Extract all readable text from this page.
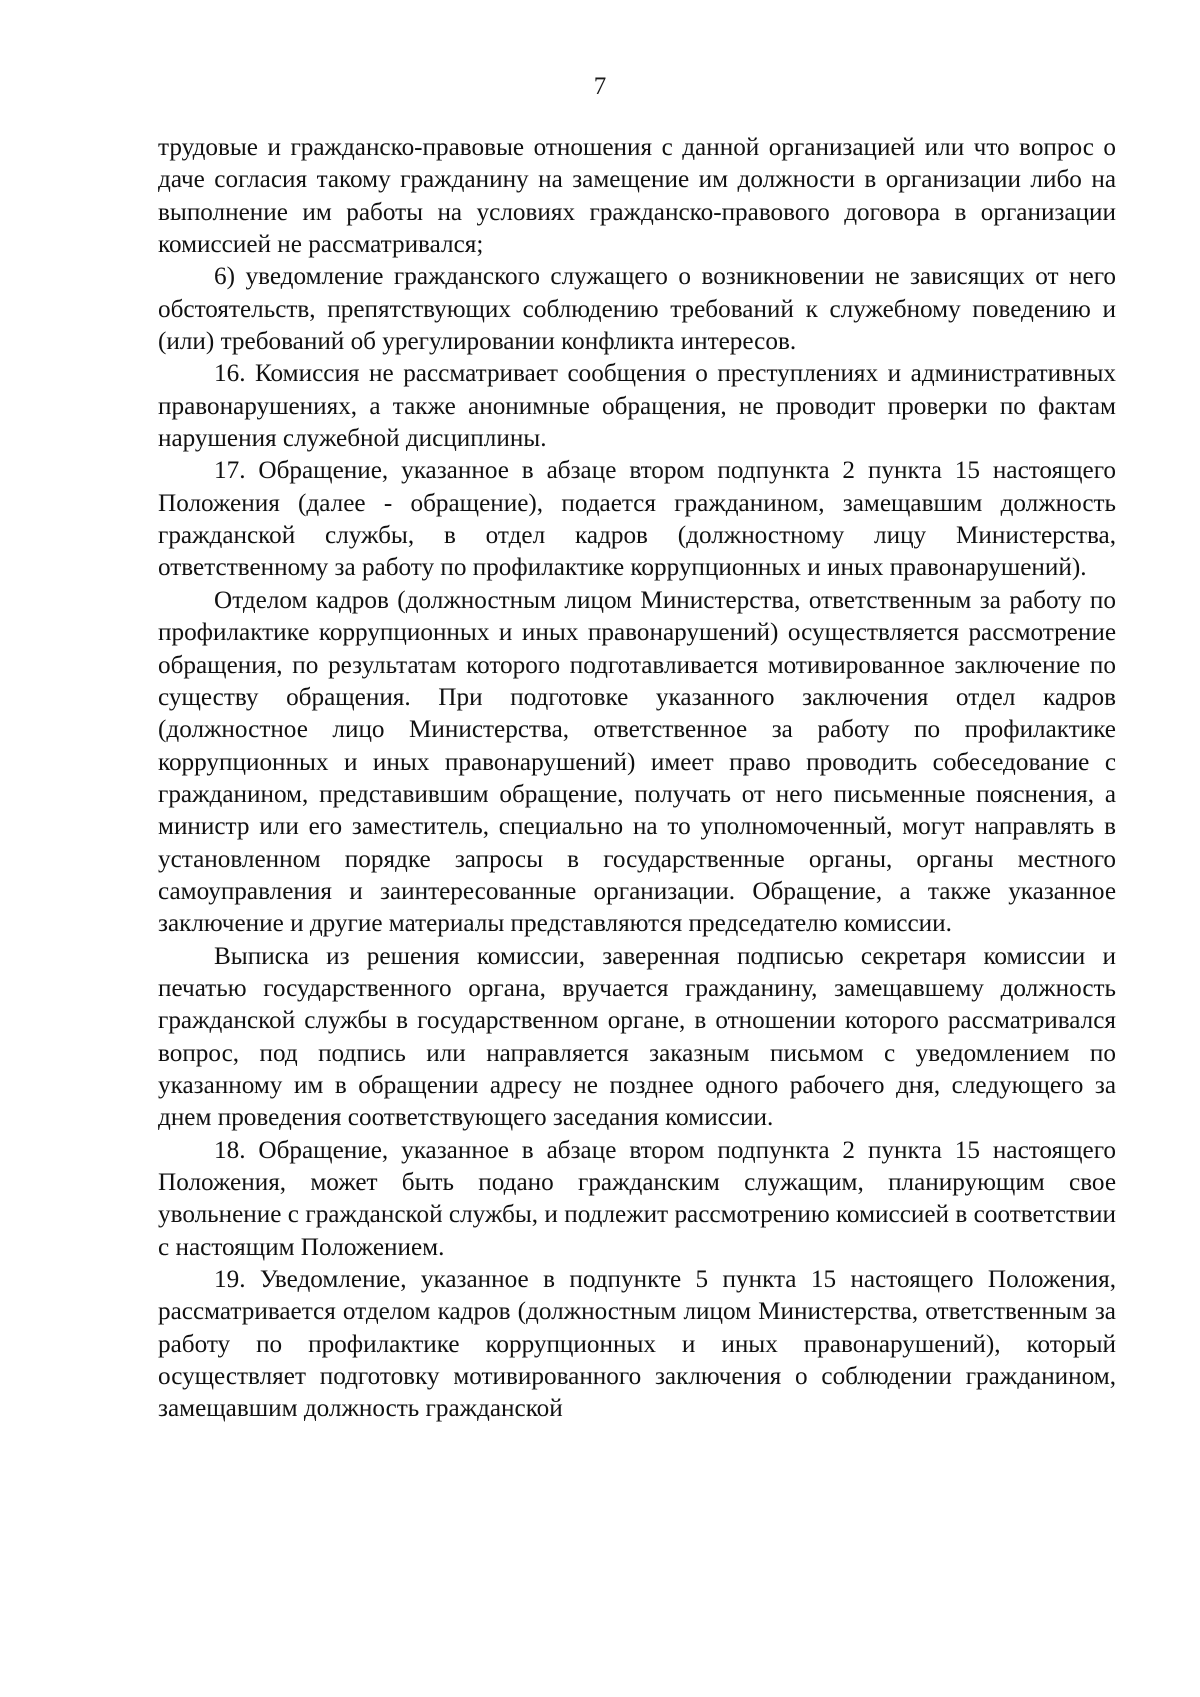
7

трудовые и гражданско-правовые отношения с данной организацией или что вопрос о даче согласия такому гражданину на замещение им должности в организации либо на выполнение им работы на условиях гражданско-правового договора в организации комиссией не рассматривался;

6) уведомление гражданского служащего о возникновении не зависящих от него обстоятельств, препятствующих соблюдению требований к служебному поведению и (или) требований об урегулировании конфликта интересов.

16. Комиссия не рассматривает сообщения о преступлениях и административных правонарушениях, а также анонимные обращения, не проводит проверки по фактам нарушения служебной дисциплины.

17. Обращение, указанное в абзаце втором подпункта 2 пункта 15 настоящего Положения (далее - обращение), подается гражданином, замещавшим должность гражданской службы, в отдел кадров (должностному лицу Министерства, ответственному за работу по профилактике коррупционных и иных правонарушений).

Отделом кадров (должностным лицом Министерства, ответственным за работу по профилактике коррупционных и иных правонарушений) осуществляется рассмотрение обращения, по результатам которого подготавливается мотивированное заключение по существу обращения. При подготовке указанного заключения отдел кадров (должностное лицо Министерства, ответственное за работу по профилактике коррупционных и иных правонарушений) имеет право проводить собеседование с гражданином, представившим обращение, получать от него письменные пояснения, а министр или его заместитель, специально на то уполномоченный, могут направлять в установленном порядке запросы в государственные органы, органы местного самоуправления и заинтересованные организации. Обращение, а также указанное заключение и другие материалы представляются председателю комиссии.

Выписка из решения комиссии, заверенная подписью секретаря комиссии и печатью государственного органа, вручается гражданину, замещавшему должность гражданской службы в государственном органе, в отношении которого рассматривался вопрос, под подпись или направляется заказным письмом с уведомлением по указанному им в обращении адресу не позднее одного рабочего дня, следующего за днем проведения соответствующего заседания комиссии.

18. Обращение, указанное в абзаце втором подпункта 2 пункта 15 настоящего Положения, может быть подано гражданским служащим, планирующим свое увольнение с гражданской службы, и подлежит рассмотрению комиссией в соответствии с настоящим Положением.

19. Уведомление, указанное в подпункте 5 пункта 15 настоящего Положения, рассматривается отделом кадров (должностным лицом Министерства, ответственным за работу по профилактике коррупционных и иных правонарушений), который осуществляет подготовку мотивированного заключения о соблюдении гражданином, замещавшим должность гражданской
